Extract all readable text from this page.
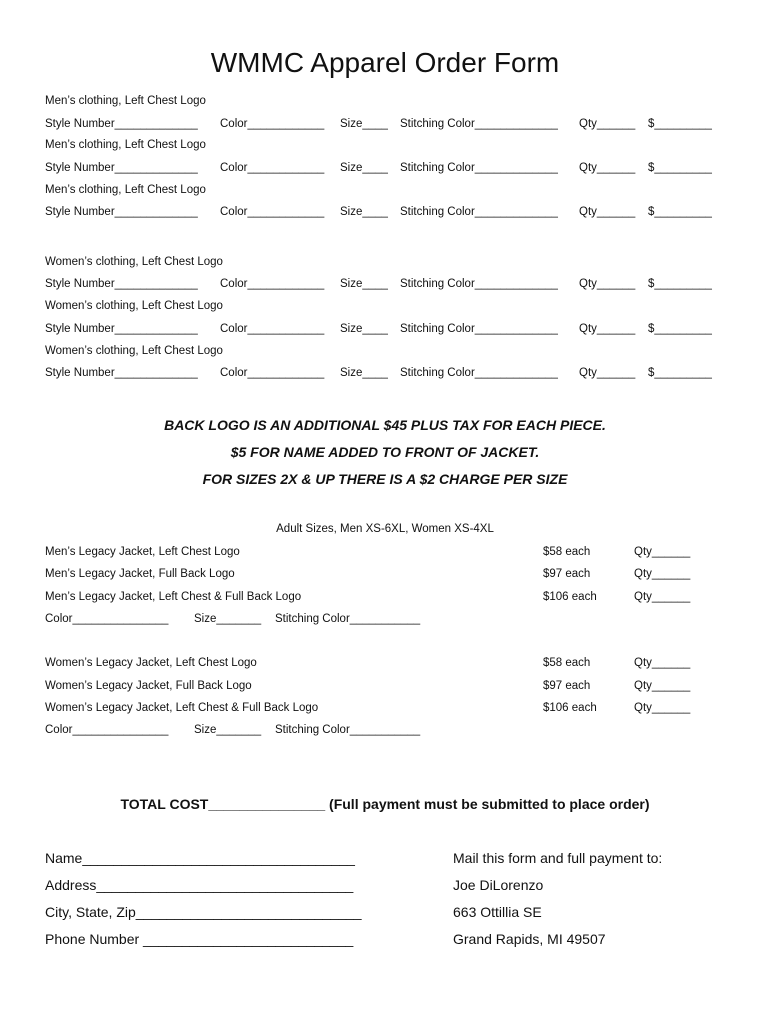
WMMC Apparel Order Form
Men’s clothing, Left Chest Logo
Style Number_____________ Color____________ Size____ Stitching Color_____________ Qty______ $_________
Men’s clothing, Left Chest Logo
Style Number_____________ Color____________ Size____ Stitching Color_____________ Qty______ $_________
Men’s clothing, Left Chest Logo
Style Number_____________ Color____________ Size____ Stitching Color_____________ Qty______ $_________
Women’s clothing, Left Chest Logo
Style Number_____________ Color____________ Size____ Stitching Color_____________ Qty______ $_________
Women’s clothing, Left Chest Logo
Style Number_____________ Color____________ Size____ Stitching Color_____________ Qty______ $_________
Women’s clothing, Left Chest Logo
Style Number_____________ Color____________ Size____ Stitching Color_____________ Qty______ $_________
BACK LOGO IS AN ADDITIONAL $45 PLUS TAX FOR EACH PIECE.
$5 FOR NAME ADDED TO FRONT OF JACKET.
FOR SIZES 2X & UP THERE IS A $2 CHARGE PER SIZE
Adult Sizes, Men XS-6XL, Women XS-4XL
Men’s Legacy Jacket, Left Chest Logo	$58 each	Qty______
Men’s Legacy Jacket, Full Back Logo	$97 each	Qty______
Men’s Legacy Jacket, Left Chest & Full Back Logo	$106 each	Qty______
Color_______________ Size_______ Stitching Color___________
Women’s Legacy Jacket, Left Chest Logo	$58 each	Qty______
Women’s Legacy Jacket, Full Back Logo	$97 each	Qty______
Women’s Legacy Jacket, Left Chest & Full Back Logo	$106 each	Qty______
Color_______________ Size_______ Stitching Color___________
TOTAL COST_______________ (Full payment must be submitted to place order)
Name___________________________________
Address_________________________________
City, State, Zip_____________________________
Phone Number ___________________________
Mail this form and full payment to:
Joe DiLorenzo
663 Ottillia SE
Grand Rapids, MI 49507
